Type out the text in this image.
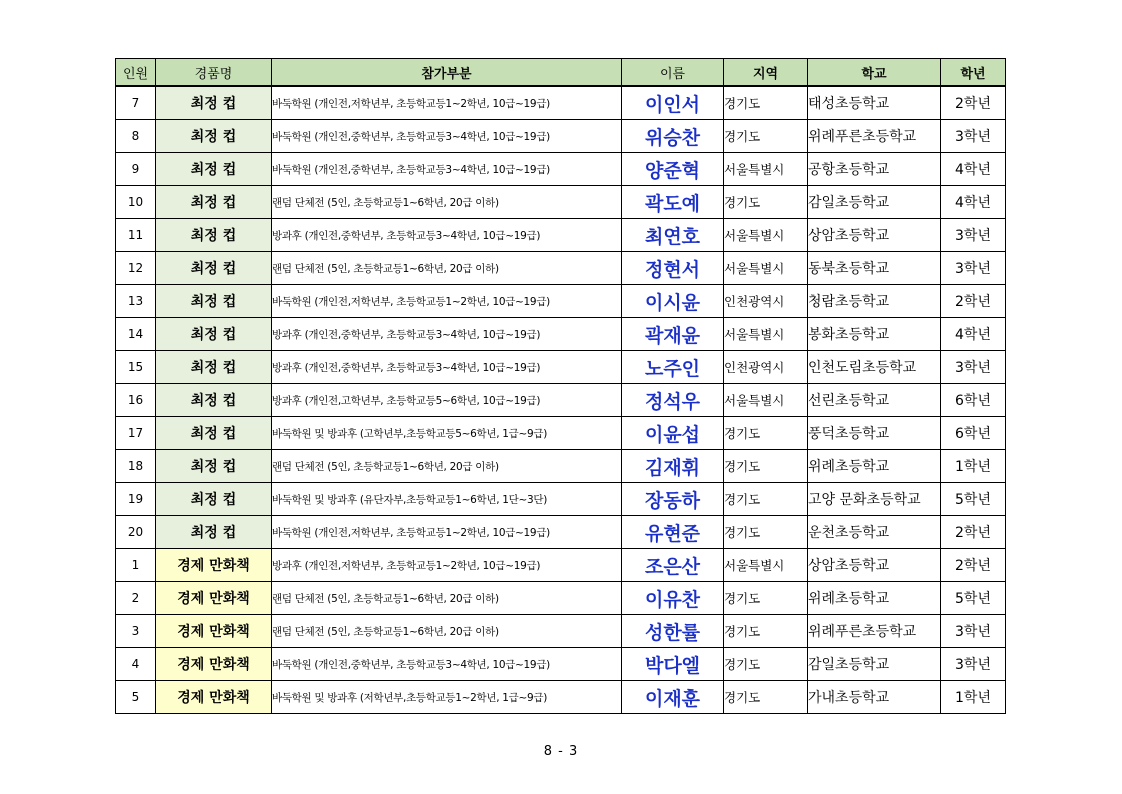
인원	경품명	참가부분	이름	지역	학교	학년
7	최정 컵	바둑학원 (개인전,저학년부, 초등학교등1~2학년, 10급~19급)	이인서	경기도	태성초등학교	2학년
8	최정 컵	바둑학원 (개인전,중학년부, 초등학교등3~4학년, 10급~19급)	위승찬	경기도	위례푸른초등학교	3학년
9	최정 컵	바둑학원 (개인전,중학년부, 초등학교등3~4학년, 10급~19급)	양준혁	서울특별시	공항초등학교	4학년
10	최정 컵	랜덤 단체전 (5인, 초등학교등1~6학년, 20급 이하)	곽도예	경기도	감일초등학교	4학년
11	최정 컵	방과후 (개인전,중학년부, 초등학교등3~4학년, 10급~19급)	최연호	서울특별시	상암초등학교	3학년
12	최정 컵	랜덤 단체전 (5인, 초등학교등1~6학년, 20급 이하)	정현서	서울특별시	동북초등학교	3학년
13	최정 컵	바둑학원 (개인전,저학년부, 초등학교등1~2학년, 10급~19급)	이시윤	인천광역시	청람초등학교	2학년
14	최정 컵	방과후 (개인전,중학년부, 초등학교등3~4학년, 10급~19급)	곽재윤	서울특별시	봉화초등학교	4학년
15	최정 컵	방과후 (개인전,중학년부, 초등학교등3~4학년, 10급~19급)	노주인	인천광역시	인천도림초등학교	3학년
16	최정 컵	방과후 (개인전,고학년부, 초등학교등5~6학년, 10급~19급)	정석우	서울특별시	선린초등학교	6학년
17	최정 컵	바둑학원 및 방과후 (고학년부,초등학교등5~6학년, 1급~9급)	이윤섭	경기도	풍덕초등학교	6학년
18	최정 컵	랜덤 단체전 (5인, 초등학교등1~6학년, 20급 이하)	김재휘	경기도	위례초등학교	1학년
19	최정 컵	바둑학원 및 방과후 (유단자부,초등학교등1~6학년, 1단~3단)	장동하	경기도	고양 문화초등학교	5학년
20	최정 컵	바둑학원 (개인전,저학년부, 초등학교등1~2학년, 10급~19급)	유현준	경기도	운천초등학교	2학년
1	경제 만화책	방과후 (개인전,저학년부, 초등학교등1~2학년, 10급~19급)	조은산	서울특별시	상암초등학교	2학년
2	경제 만화책	랜덤 단체전 (5인, 초등학교등1~6학년, 20급 이하)	이유찬	경기도	위례초등학교	5학년
3	경제 만화책	랜덤 단체전 (5인, 초등학교등1~6학년, 20급 이하)	성한률	경기도	위례푸른초등학교	3학년
4	경제 만화책	바둑학원 (개인전,중학년부, 초등학교등3~4학년, 10급~19급)	박다엘	경기도	감일초등학교	3학년
5	경제 만화책	바둑학원 및 방과후 (저학년부,초등학교등1~2학년, 1급~9급)	이재훈	경기도	가내초등학교	1학년
8 - 3
